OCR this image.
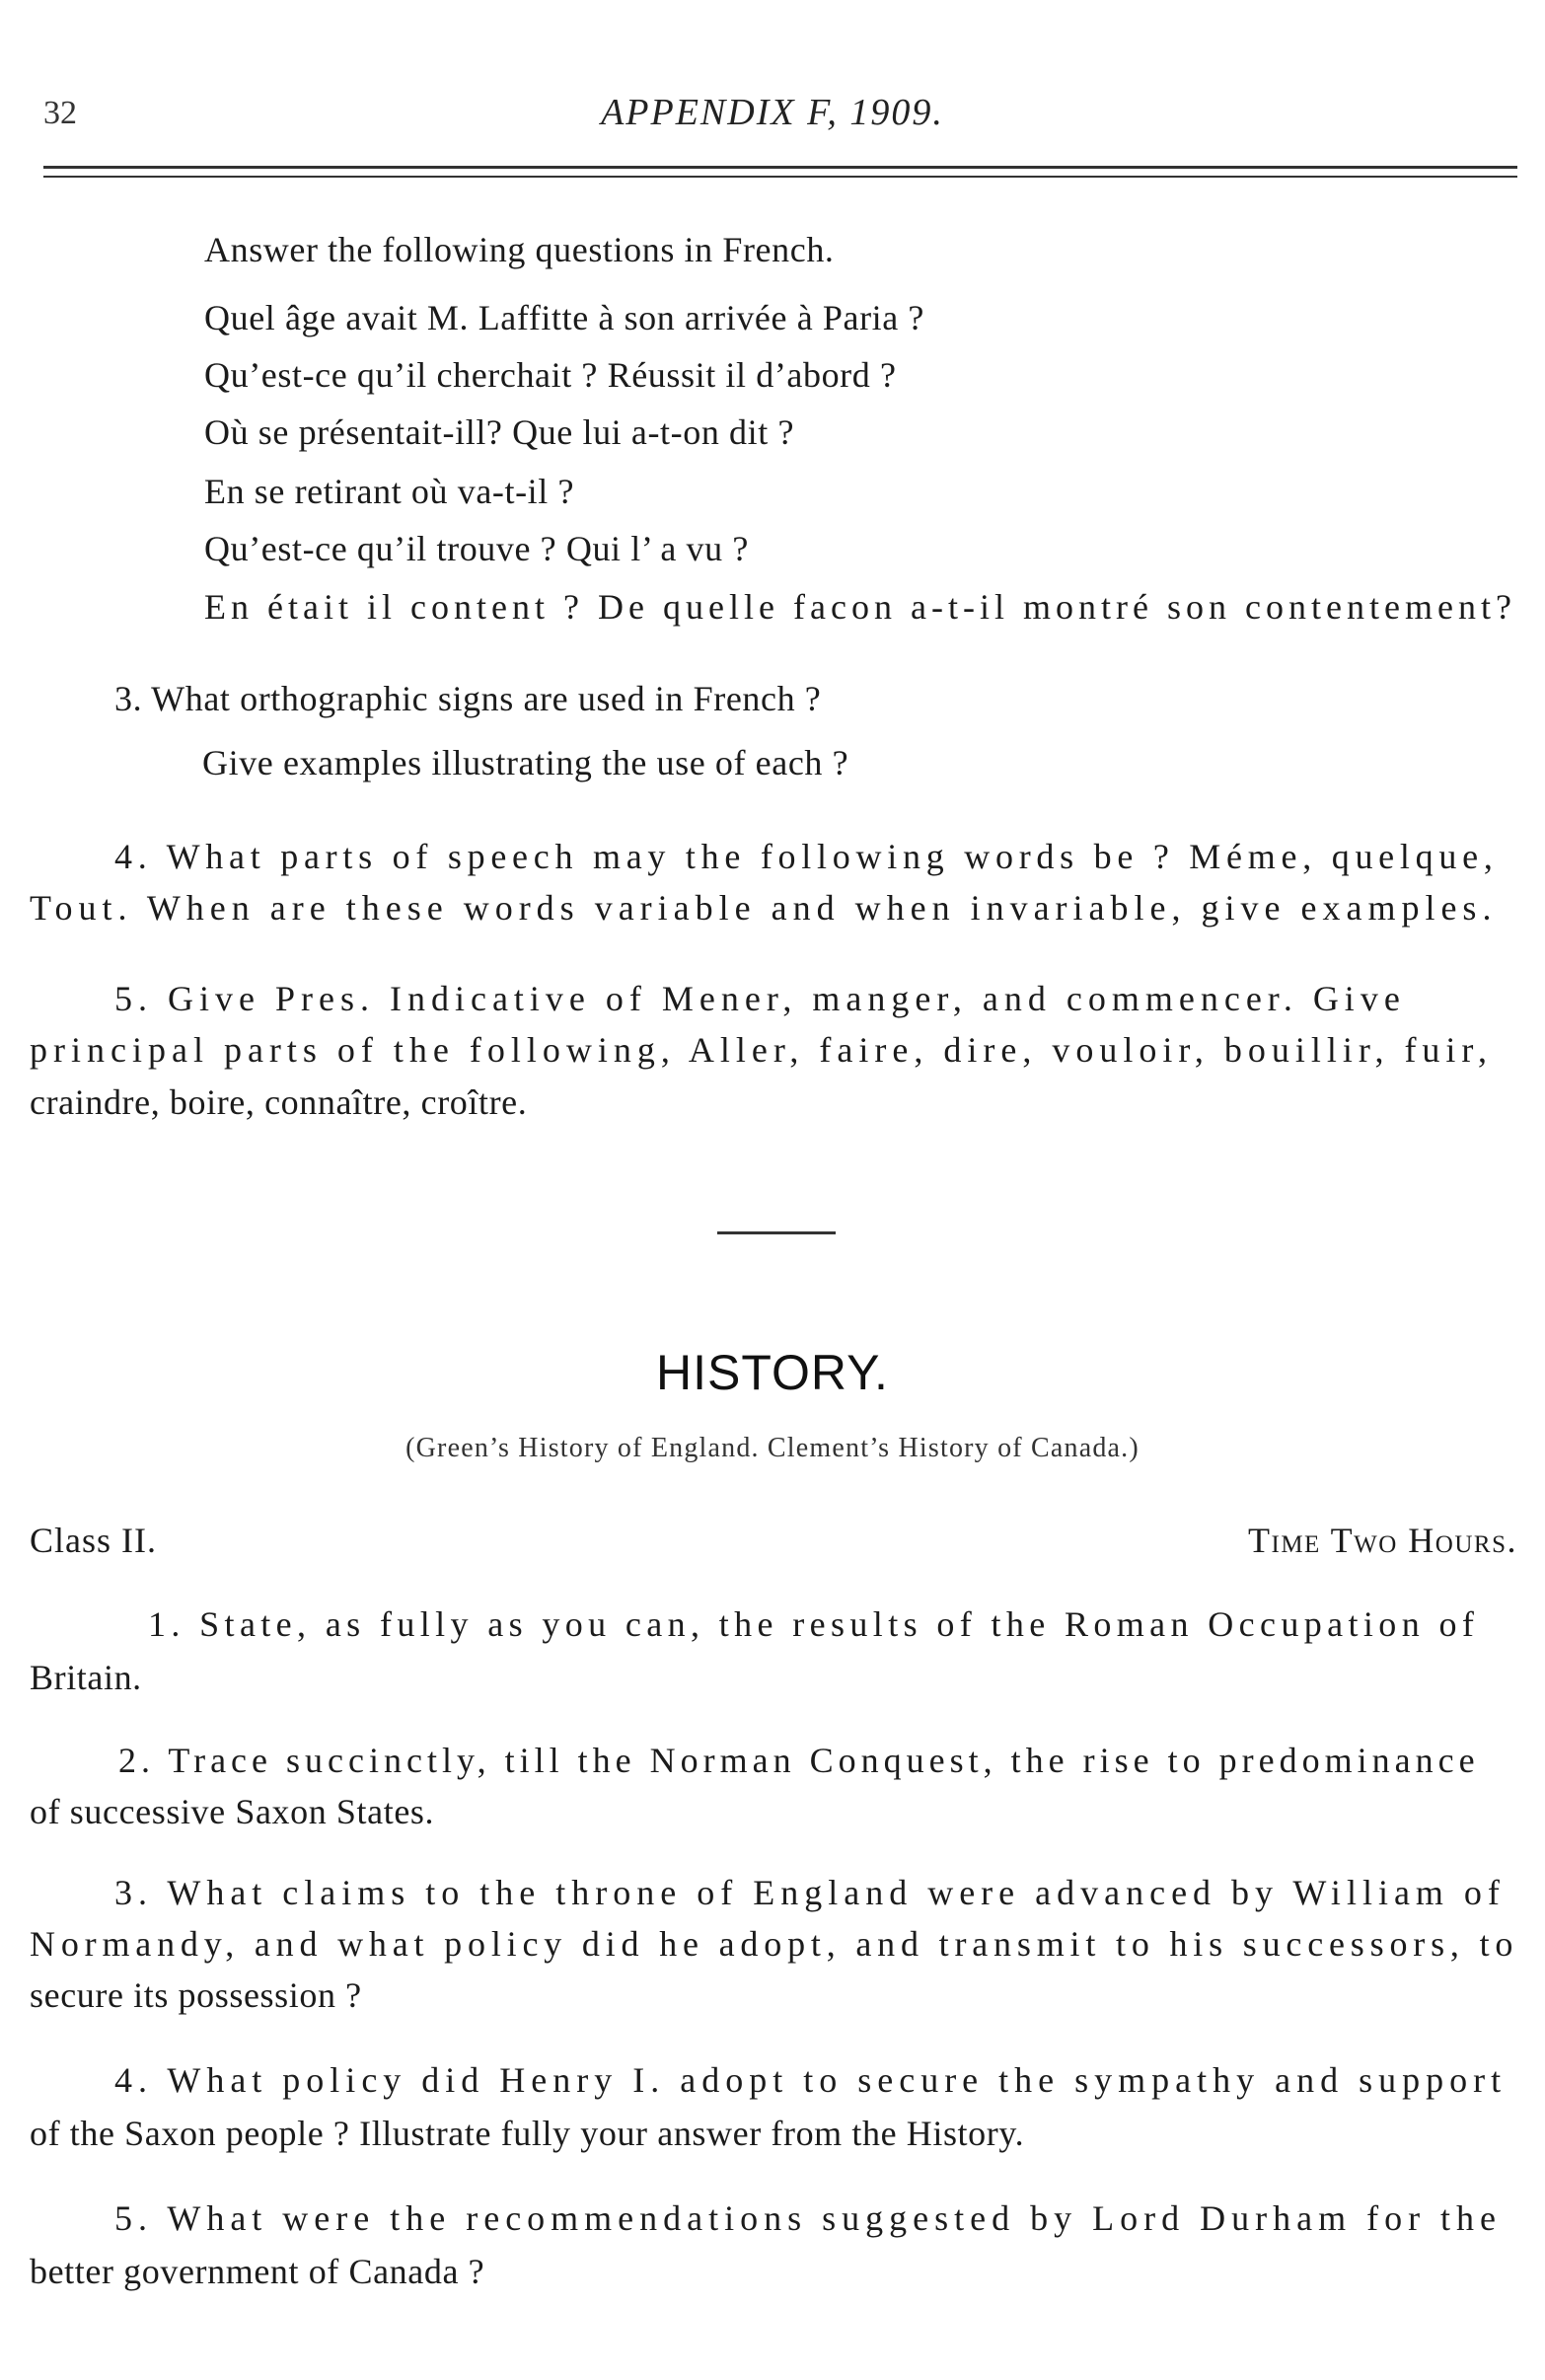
32	APPENDIX F, 1909.
Answer the following questions in French.
Quel âge avait M. Laffitte à son arrivée à Paria ?
Qu’est-ce qu’il cherchait ? Réussit il d’abord ?
Où se présentait-ill? Que lui a-t-on dit ?
En se retirant où va-t-il ?
Qu’est-ce qu’il trouve ? Qui l’ a vu ?
En était il content ? De quelle facon a-t-il montré son contentement?
3. What orthographic signs are used in French ?
Give examples illustrating the use of each ?
4. What parts of speech may the following words be ? Méme, quelque,
Tout. When are these words variable and when invariable, give examples.
5. Give Pres. Indicative of Mener, manger, and commencer. Give
principal parts of the following, Aller, faire, dire, vouloir, bouillir, fuir,
craindre, boire, connaître, croître.
HISTORY.
(Green’s History of England. Clement’s History of Canada.)
Class II.	Time Two Hours.
1. State, as fully as you can, the results of the Roman Occupation of
Britain.
2. Trace succinctly, till the Norman Conquest, the rise to predominance
of successive Saxon States.
3. What claims to the throne of England were advanced by William of
Normandy, and what policy did he adopt, and transmit to his successors, to
secure its possession ?
4. What policy did Henry I. adopt to secure the sympathy and support
of the Saxon people ? Illustrate fully your answer from the History.
5. What were the recommendations suggested by Lord Durham for the
better government of Canada ?
